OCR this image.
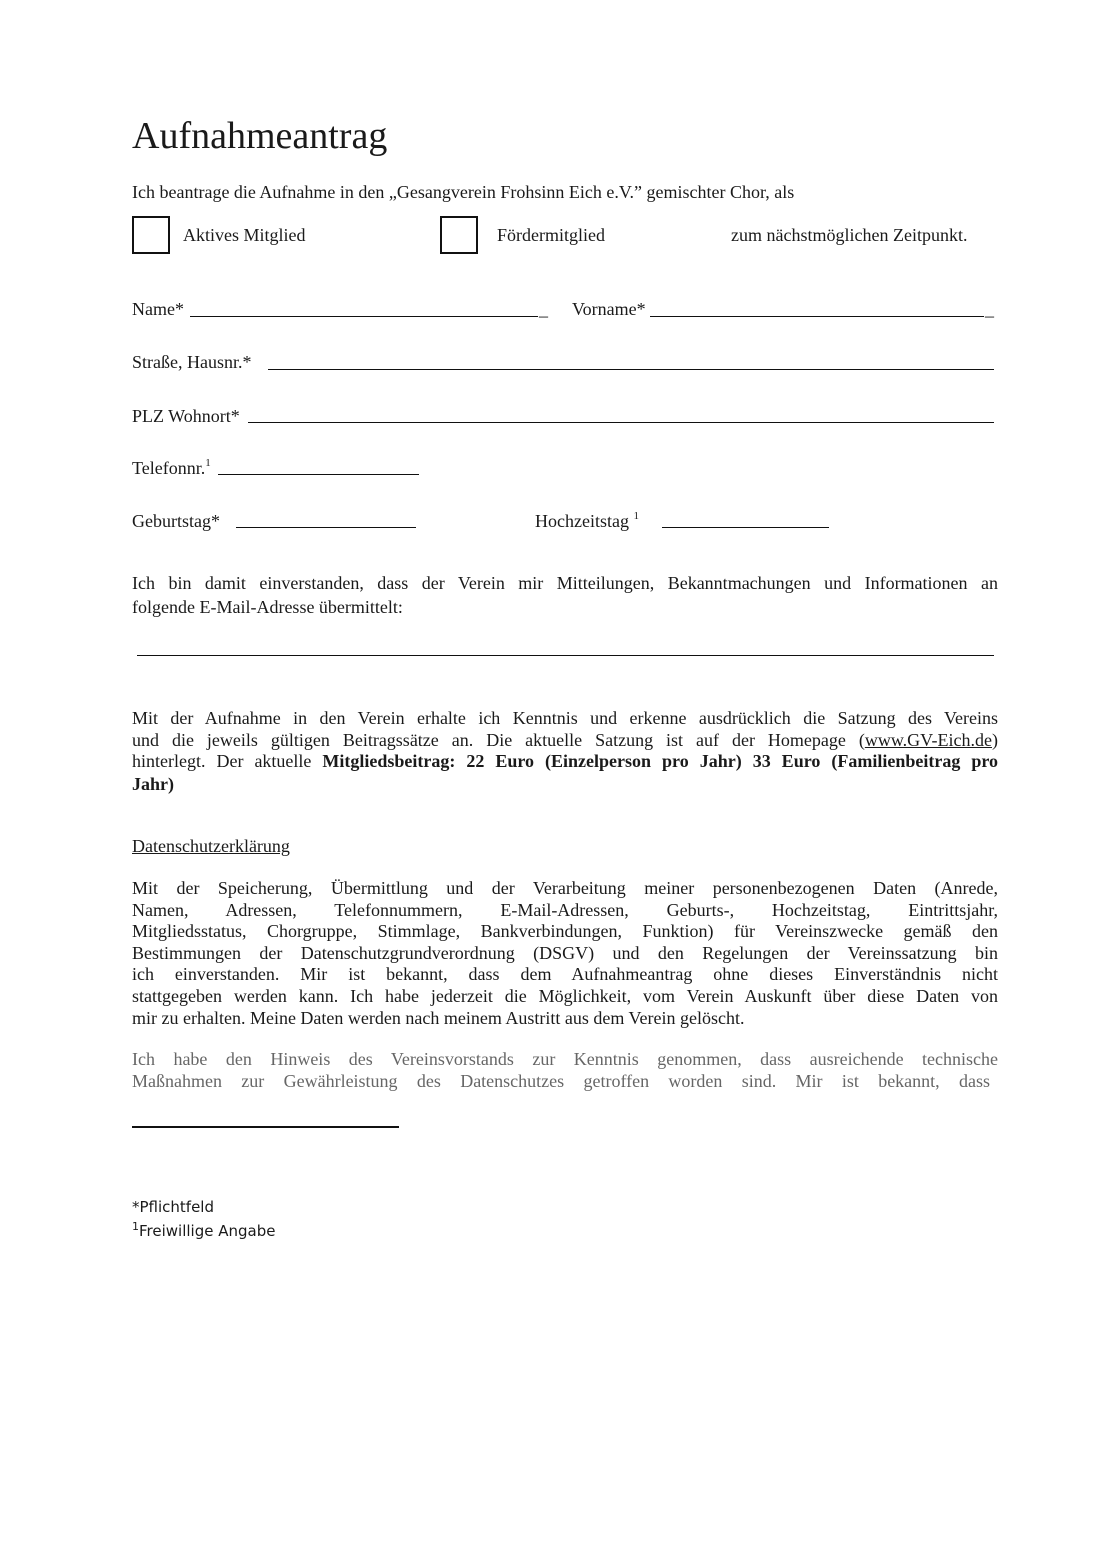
Aufnahmeantrag
Ich beantrage die Aufnahme in den „Gesangverein Frohsinn Eich e.V.” gemischter Chor, als
Aktives Mitglied	Fördermitglied	zum nächstmöglichen Zeitpunkt.
Name*	_ Vorname*	_
Straße, Hausnr.*
PLZ Wohnort*
Telefonnr.$^1$
Geburtstag*	Hochzeitstag $^1$
Ich bin damit einverstanden, dass der Verein mir Mitteilungen, Bekanntmachungen und Informationen an
folgende E-Mail-Adresse übermittelt:
Mit der Aufnahme in den Verein erhalte ich Kenntnis und erkenne ausdrücklich die Satzung des Vereins
und die jeweils gültigen Beitragssätze an. Die aktuelle Satzung ist auf der Homepage (www.GV-Eich.de)
hinterlegt. Der aktuelle Mitgliedsbeitrag: 22 Euro (Einzelperson pro Jahr) 33 Euro (Familienbeitrag pro
Jahr)
Datenschutzerklärung
Mit der Speicherung, Übermittlung und der Verarbeitung meiner personenbezogenen Daten (Anrede,
Namen, Adressen, Telefonnummern, E-Mail-Adressen, Geburts-, Hochzeitstag, Eintrittsjahr,
Mitgliedsstatus, Chorgruppe, Stimmlage, Bankverbindungen, Funktion) für Vereinszwecke gemäß den
Bestimmungen der Datenschutzgrundverordnung (DSGV) und den Regelungen der Vereinssatzung bin
ich einverstanden. Mir ist bekannt, dass dem Aufnahmeantrag ohne dieses Einverständnis nicht
stattgegeben werden kann. Ich habe jederzeit die Möglichkeit, vom Verein Auskunft über diese Daten von
mir zu erhalten. Meine Daten werden nach meinem Austritt aus dem Verein gelöscht.
Ich habe den Hinweis des Vereinsvorstands zur Kenntnis genommen, dass ausreichende technische
Maßnahmen zur Gewährleistung des Datenschutzes getroffen worden sind. Mir ist bekannt, dass
*Pflichtfeld
$^1$Freiwillige Angabe
